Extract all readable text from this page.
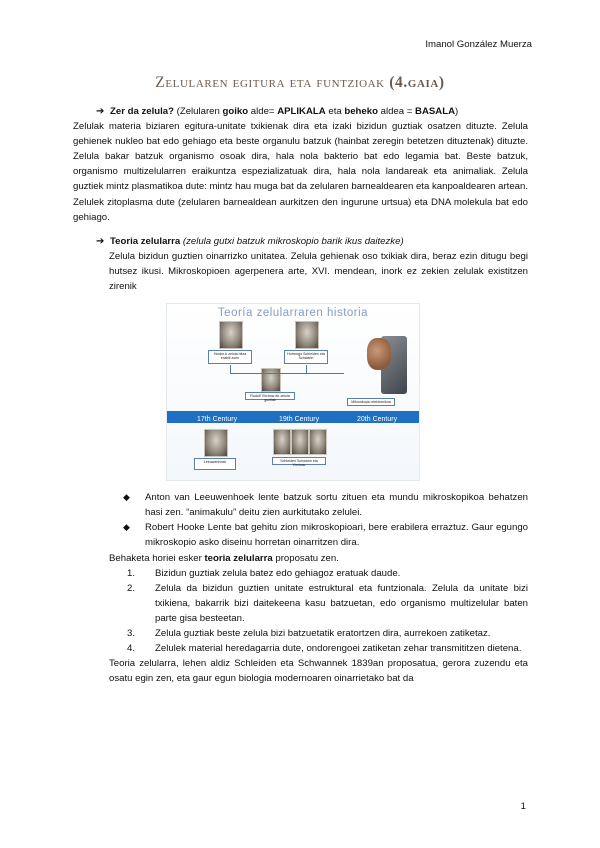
Imanol González Muerza
Zelularen egitura eta funtzioak (4.gaia)
➔ Zer da zelula? (Zelularen goiko alde= APLIKALA eta beheko aldea = BASALA)

Zelulak materia biziaren egitura-unitate txikienak dira eta izaki bizidun guztiak osatzen dituzte. Zelula gehienek nukleo bat edo gehiago eta beste organulu batzuk (hainbat zeregin betetzen dituztenak) dituzte. Zelula bakar batzuk organismo osoak dira, hala nola bakterio bat edo legamia bat. Beste batzuk, organismo multizelularren eraikuntza espezializatuak dira, hala nola landareak eta animaliak. Zelula guztiek mintz plasmatikoa dute: mintz hau muga bat da zelularen barnealdearen eta kanpoaldearen artean. Zelulek zitoplasma dute (zelularen barnealdean aurkitzen den ingurune urtsua) eta DNA molekula bat edo gehiago.

➔ Teoria zelularra (zelula gutxi batzuk mikroskopio barik ikus daitezke)
Zelula bizidun guztien oinarrizko unitatea. Zelula gehienak oso txikiak dira, beraz ezin ditugu begi hutsez ikusi. Mikroskopioen agerpenera arte, XVI. mendean, inork ez zekien zelulak existitzen zirenik
Teoría zelularraren historia
Hooke-k zelula hitza erabili zuen
Hurrengo Schleiden eta Schwann
Rudolf Virchow-ek zelula guztiak	Mikroskopio elektronikoa
17th Century	19th Century	20th Century
Leeuwenhoek	Schleiden Schwann eta Virchow
◆	Anton van Leeuwenhoek lente batzuk sortu zituen eta mundu mikroskopikoa behatzen hasi zen. “animakulu” deitu zien aurkitutako zelulei.
◆	Robert Hooke Lente bat gehitu zion mikroskopioari, bere erabilera erraztuz. Gaur egungo mikroskopio asko diseinu horretan oinarritzen dira.
Behaketa horiei esker teoria zelularra proposatu zen.
1. Bizidun guztiak zelula batez edo gehiagoz eratuak daude.
2. Zelula da bizidun guztien unitate estruktural eta funtzionala. Zelula da unitate bizi txikiena, bakarrik bizi daitekeena kasu batzuetan, edo organismo multizelular baten parte gisa besteetan.
3. Zelula guztiak beste zelula bizi batzuetatik eratortzen dira, aurrekoen zatiketaz.
4. Zelulek material heredagarria dute, ondorengoei zatiketan zehar transmititzen dietena.
Teoria zelularra, lehen aldiz Schleiden eta Schwannek 1839an proposatua, gerora zuzendu eta osatu egin zen, eta gaur egun biologia modernoaren oinarrietako bat da
1
